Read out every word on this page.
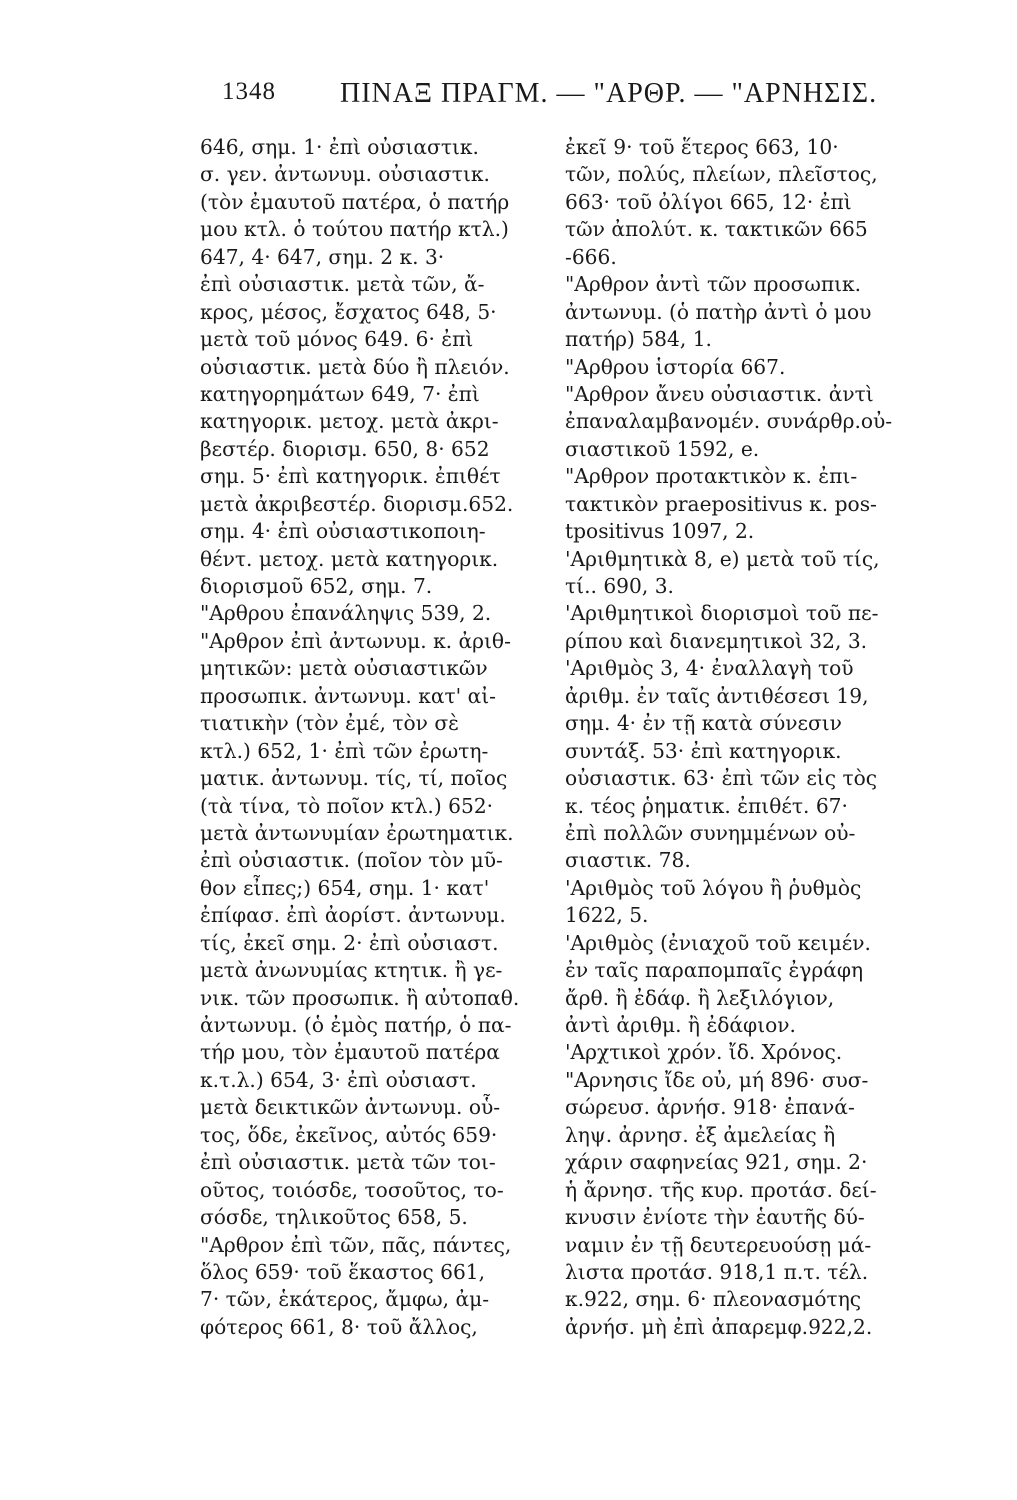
1348 ΠΙΝΑΞ ΠΡΑΓΜ. — "ΑΡΘΡ. — "ΑΡΝΗΣΙΣ.
646, σημ. 1· ἐπὶ οὐσιαστικ.
σ. γεν. ἀντωνυμ. οὐσιαστικ.
(τὸν ἐμαυτοῦ πατέρα, ὁ πατήρ
μου κτλ. ὁ τούτου πατήρ κτλ.)
647, 4· 647, σημ. 2 κ. 3·
ἐπὶ οὐσιαστικ. μετὰ τῶν, ἄ-
κρος, μέσος, ἔσχατος 648, 5·
μετὰ τοῦ μόνος 649. 6· ἐπὶ
οὐσιαστικ. μετὰ δύο ἢ πλειόν.
κατηγορημάτων 649, 7· ἐπὶ
κατηγορικ. μετοχ. μετὰ ἀκρι-
βεστέρ. διορισμ. 650, 8· 652
σημ. 5· ἐπὶ κατηγορικ. ἐπιθέτ
μετὰ ἀκριβεστέρ. διορισμ.652.
σημ. 4· ἐπὶ οὐσιαστικοποιη-
θέντ. μετοχ. μετὰ κατηγορικ.
διορισμοῦ 652, σημ. 7.
"Αρθρου ἐπανάληψις 539, 2.
"Αρθρον ἐπὶ ἀντωνυμ. κ. ἀριθ-
μητικῶν: μετὰ οὐσιαστικῶν
προσωπικ. ἀντωνυμ. κατ' αἰ-
τιατικὴν (τὸν ἐμέ, τὸν σὲ
κτλ.) 652, 1· ἐπὶ τῶν ἐρωτη-
ματικ. ἀντωνυμ. τίς, τί, ποῖος
(τὰ τίνα, τὸ ποῖον κτλ.) 652·
μετὰ ἀντωνυμίαν ἐρωτηματικ.
ἐπὶ οὐσιαστικ. (ποῖον τὸν μῦ-
θον εἶπες;) 654, σημ. 1· κατ'
ἐπίφασ. ἐπὶ ἀορίστ. ἀντωνυμ.
τίς, ἐκεῖ σημ. 2· ἐπὶ οὐσιαστ.
μετὰ ἀνωνυμίας κτητικ. ἢ γε-
νικ. τῶν προσωπικ. ἢ αὐτοπαθ.
ἀντωνυμ. (ὁ ἐμὸς πατήρ, ὁ πα-
τήρ μου, τὸν ἐμαυτοῦ πατέρα
κ.τ.λ.) 654, 3· ἐπὶ οὐσιαστ.
μετὰ δεικτικῶν ἀντωνυμ. οὗ-
τος, ὅδε, ἐκεῖνος, αὐτός 659·
ἐπὶ οὐσιαστικ. μετὰ τῶν τοι-
οῦτος, τοιόσδε, τοσοῦτος, το-
σόσδε, τηλικοῦτος 658, 5.
"Αρθρον ἐπὶ τῶν, πᾶς, πάντες,
ὅλος 659· τοῦ ἕκαστος 661,
7· τῶν, ἑκάτερος, ἄμφω, ἀμ-
φότερος 661, 8· τοῦ ἄλλος,
ἐκεῖ 9· τοῦ ἕτερος 663, 10·
τῶν, πολύς, πλείων, πλεῖστος,
663· τοῦ ὀλίγοι 665, 12· ἐπὶ
τῶν ἀπολύτ. κ. τακτικῶν 665
-666.
"Αρθρον ἀντὶ τῶν προσωπικ.
ἀντωνυμ. (ὁ πατὴρ ἀντὶ ὁ μου
πατήρ) 584, 1.
"Αρθρου ἱστορία 667.
"Αρθρον ἄνευ οὐσιαστικ. ἀντὶ
ἐπαναλαμβανομέν. συνάρθρ.οὐ-
σιαστικοῦ 1592, e.
"Αρθρον προτακτικὸν κ. ἐπι-
τακτικὸν praepositivus κ. pos-
tpositivus 1097, 2.
'Αριθμητικὰ 8, e) μετὰ τοῦ τίς,
τί.. 690, 3.
'Αριθμητικοὶ διορισμοὶ τοῦ πε-
ρίπου καὶ διανεμητικοὶ 32, 3.
'Αριθμὸς 3, 4· ἐναλλαγὴ τοῦ
ἀριθμ. ἐν ταῖς ἀντιθέσεσι 19,
σημ. 4· ἐν τῇ κατὰ σύνεσιν
συντάξ. 53· ἐπὶ κατηγορικ.
οὐσιαστικ. 63· ἐπὶ τῶν εἰς τὸς
κ. τέος ῥηματικ. ἐπιθέτ. 67·
ἐπὶ πολλῶν συνημμένων οὐ-
σιαστικ. 78.
'Αριθμὸς τοῦ λόγου ἢ ῥυθμὸς
1622, 5.
'Αριθμὸς (ἐνιαχοῦ τοῦ κειμέν.
ἐν ταῖς παραπομπαῖς ἐγράφη
ἄρθ. ἢ ἐδάφ. ἢ λεξιλόγιον,
ἀντὶ ἀριθμ. ἢ ἐδάφιον.
'Αρχτικοὶ χρόν. ἴδ. Χρόνος.
"Αρνησις ἴδε οὐ, μή 896· συσ-
σώρευσ. ἀρνήσ. 918· ἐπανά-
ληψ. ἀρνησ. ἐξ ἀμελείας ἢ
χάριν σαφηνείας 921, σημ. 2·
ἡ ἄρνησ. τῆς κυρ. προτάσ. δεί-
κνυσιν ἐνίοτε τὴν ἑαυτῆς δύ-
ναμιν ἐν τῇ δευτερευούσῃ μά-
λιστα προτάσ. 918,1 π.τ. τέλ.
κ.922, σημ. 6· πλεονασμότης
ἀρνήσ. μὴ ἐπὶ ἀπαρεμφ.922,2.
